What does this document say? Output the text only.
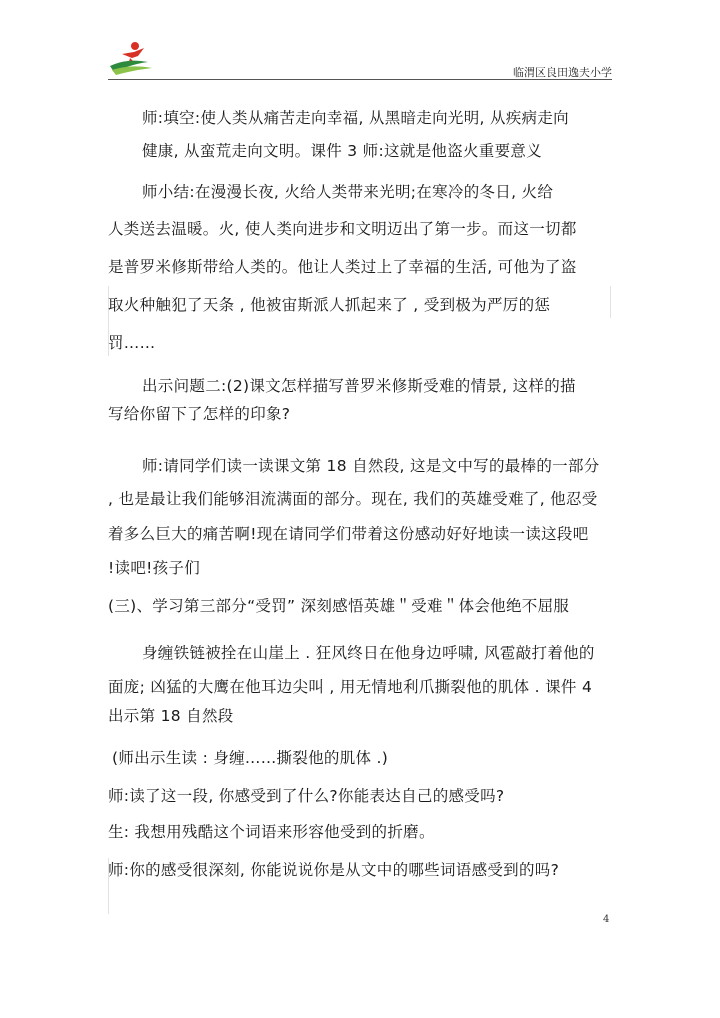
临渭区良田逸夫小学
师:填空:使人类从痛苦走向幸福, 从黑暗走向光明, 从疾病走向
健康, 从蛮荒走向文明。课件 3 师:这就是他盗火重要意义
师小结:在漫漫长夜, 火给人类带来光明;在寒冷的冬日, 火给
人类送去温暖。火, 使人类向进步和文明迈出了第一步。而这一切都
是普罗米修斯带给人类的。他让人类过上了幸福的生活, 可他为了盗
取火种触犯了天条 , 他被宙斯派人抓起来了 , 受到极为严厉的惩
罚……
出示问题二:(2)课文怎样描写普罗米修斯受难的情景, 这样的描
写给你留下了怎样的印象?
师:请同学们读一读课文第 18 自然段, 这是文中写的最棒的一部分
, 也是最让我们能够泪流满面的部分。现在, 我们的英雄受难了, 他忍受
着多么巨大的痛苦啊!现在请同学们带着这份感动好好地读一读这段吧
!读吧!孩子们
(三)、学习第三部分“受罚” 深刻感悟英雄＂受难＂体会他绝不屈服
身缠铁链被拴在山崖上 . 狂风终日在他身边呼啸, 风雹敲打着他的
面庞; 凶猛的大鹰在他耳边尖叫 , 用无情地利爪撕裂他的肌体 . 课件 4
出示第 18 自然段
(师出示生读 : 身缠……撕裂他的肌体 .)
师:读了这一段, 你感受到了什么?你能表达自己的感受吗?
生: 我想用残酷这个词语来形容他受到的折磨。
师:你的感受很深刻, 你能说说你是从文中的哪些词语感受到的吗?
4
